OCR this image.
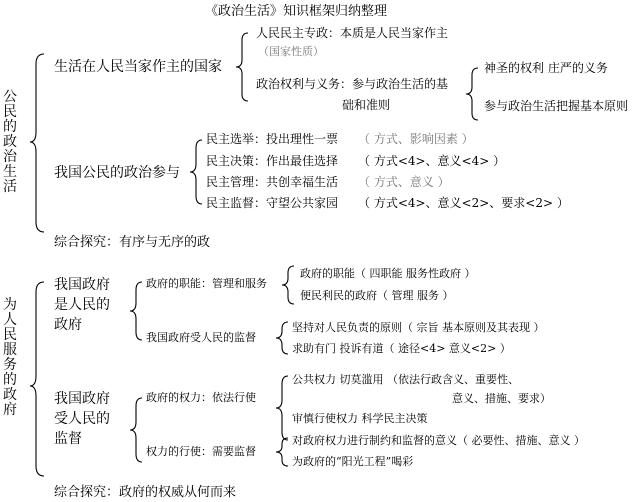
《政治生活》知识框架归纳整理
公民的政治生活
生活在人民当家作主的国家
人民民主专政：本质是人民当家作主
（国家性质）
政治权利与义务：参与政治生活的基
础和准则
神圣的权利 庄严的义务
参与政治生活把握基本原则
我国公民的政治参与
民主选举：投出理性一票 （ 方式、影响因素 ）
民主决策：作出最佳选择 （ 方式<4>、意义<4> ）
民主管理：共创幸福生活 （ 方式、意义 ）
民主监督：守望公共家园 （ 方式<4>、意义<2>、要求<2> ）
综合探究：有序与无序的政
为人民服务的政府
我国政府
是人民的
政府
政府的职能：管理和服务
政府的职能（ 四职能 服务性政府 ）
便民利民的政府（ 管理 服务 ）
我国政府受人民的监督
坚持对人民负责的原则（ 宗旨 基本原则及其表现 ）
求助有门 投诉有道（ 途径<4> 意义<2> ）
我国政府
受人民的
监督
政府的权力：依法行使
公共权力 切莫滥用 （依法行政含义、重要性、
意义、措施、要求）
审慎行使权力 科学民主决策
权力的行使：需要监督
对政府权力进行制约和监督的意义（ 必要性、措施、意义 ）
为政府的“阳光工程”喝彩
综合探究：政府的权威从何而来
